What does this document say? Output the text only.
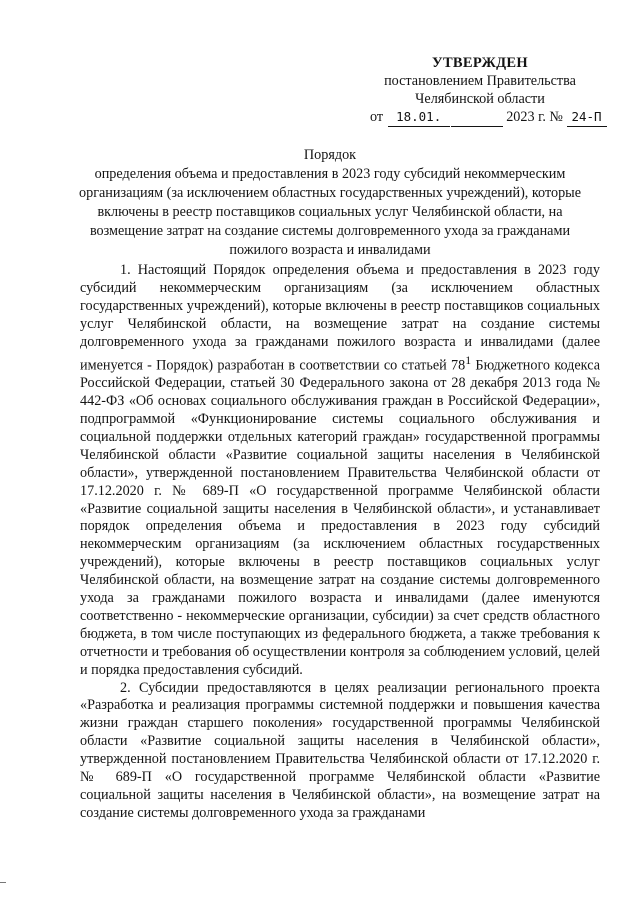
УТВЕРЖДЕН
постановлением Правительства
Челябинской области
от 18.01.	2023 г. № 24-П
Порядок
определения объема и предоставления в 2023 году субсидий некоммерческим организациям (за исключением областных государственных учреждений), которые включены в реестр поставщиков социальных услуг Челябинской области, на возмещение затрат на создание системы долговременного ухода за гражданами пожилого возраста и инвалидами

1. Настоящий Порядок определения объема и предоставления в 2023 году субсидий некоммерческим организациям (за исключением областных государственных учреждений), которые включены в реестр поставщиков социальных услуг Челябинской области, на возмещение затрат на создание системы долговременного ухода за гражданами пожилого возраста и инвалидами (далее именуется - Порядок) разработан в соответствии со статьей $78^1$ Бюджетного кодекса Российской Федерации, статьей 30 Федерального закона от 28 декабря 2013 года № 442-ФЗ «Об основах социального обслуживания граждан в Российской Федерации», подпрограммой «Функционирование системы социального обслуживания и социальной поддержки отдельных категорий граждан» государственной программы Челябинской области «Развитие социальной защиты населения в Челябинской области», утвержденной постановлением Правительства Челябинской области от 17.12.2020 г. № 689-П «О государственной программе Челябинской области «Развитие социальной защиты населения в Челябинской области», и устанавливает порядок определения объема и предоставления в 2023 году субсидий некоммерческим организациям (за исключением областных государственных учреждений), которые включены в реестр поставщиков социальных услуг Челябинской области, на возмещение затрат на создание системы долговременного ухода за гражданами пожилого возраста и инвалидами (далее именуются соответственно - некоммерческие организации, субсидии) за счет средств областного бюджета, в том числе поступающих из федерального бюджета, а также требования к отчетности и требования об осуществлении контроля за соблюдением условий, целей и порядка предоставления субсидий.

2. Субсидии предоставляются в целях реализации регионального проекта «Разработка и реализация программы системной поддержки и повышения качества жизни граждан старшего поколения» государственной программы Челябинской области «Развитие социальной защиты населения в Челябинской области», утвержденной постановлением Правительства Челябинской области от 17.12.2020 г. № 689-П «О государственной программе Челябинской области «Развитие социальной защиты населения в Челябинской области», на возмещение затрат на создание системы долговременного ухода за гражданами
